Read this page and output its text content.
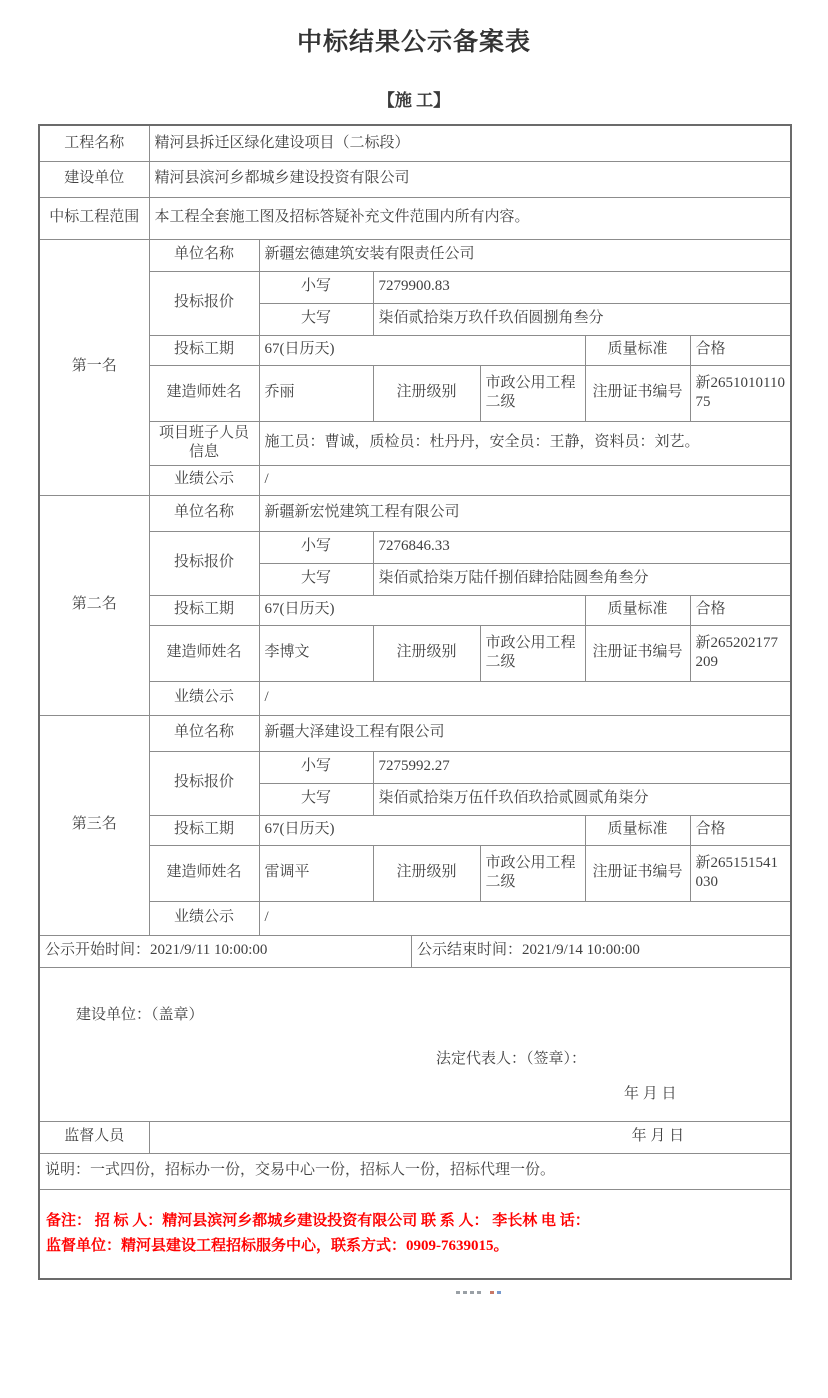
中标结果公示备案表
【施 工】
工程名称	精河县拆迁区绿化建设项目（二标段）					
建设单位	精河县滨河乡都城乡建设投资有限公司					
中标工程范围	本工程全套施工图及招标答疑补充文件范围内所有内容。					
第一名	单位名称	新疆宏德建筑安装有限责任公司				
	投标报价	小写	7279900.83			
		大写	柒佰贰拾柒万玖仟玖佰圆捌角叁分			
	投标工期	67(日历天)			质量标准	合格
	建造师姓名	乔丽	注册级别	市政公用工程二级	注册证书编号	新265101011075
	项目班子人员信息	施工员：曹诚，质检员：杜丹丹，安全员：王静，资料员：刘艺。				
	业绩公示	/				
第二名	单位名称	新疆新宏悦建筑工程有限公司				
	投标报价	小写	7276846.33			
		大写	柒佰贰拾柒万陆仟捌佰肆拾陆圆叁角叁分			
	投标工期	67(日历天)			质量标准	合格
	建造师姓名	李博文	注册级别	市政公用工程二级	注册证书编号	新265202177209
	业绩公示	/				
第三名	单位名称	新疆大泽建设工程有限公司				
	投标报价	小写	7275992.27			
		大写	柒佰贰拾柒万伍仟玖佰玖拾贰圆贰角柒分			
	投标工期	67(日历天)			质量标准	合格
	建造师姓名	雷调平	注册级别	市政公用工程二级	注册证书编号	新265151541030
	业绩公示	/				

公示开始时间：2021/9/11 10:00:00 公示结束时间：2021/9/14 10:00:00						

建设单位：（盖章）
法定代表人：（签章）：
年 月 日						

监督人员	年 月 日					
说明：一式四份，招标办一份，交易中心一份，招标人一份，招标代理一份。						

备注： 招 标 人：精河县滨河乡都城乡建设投资有限公司 联 系 人： 李长林 电 话：
监督单位：精河县建设工程招标服务中心，联系方式：0909-7639015。						
